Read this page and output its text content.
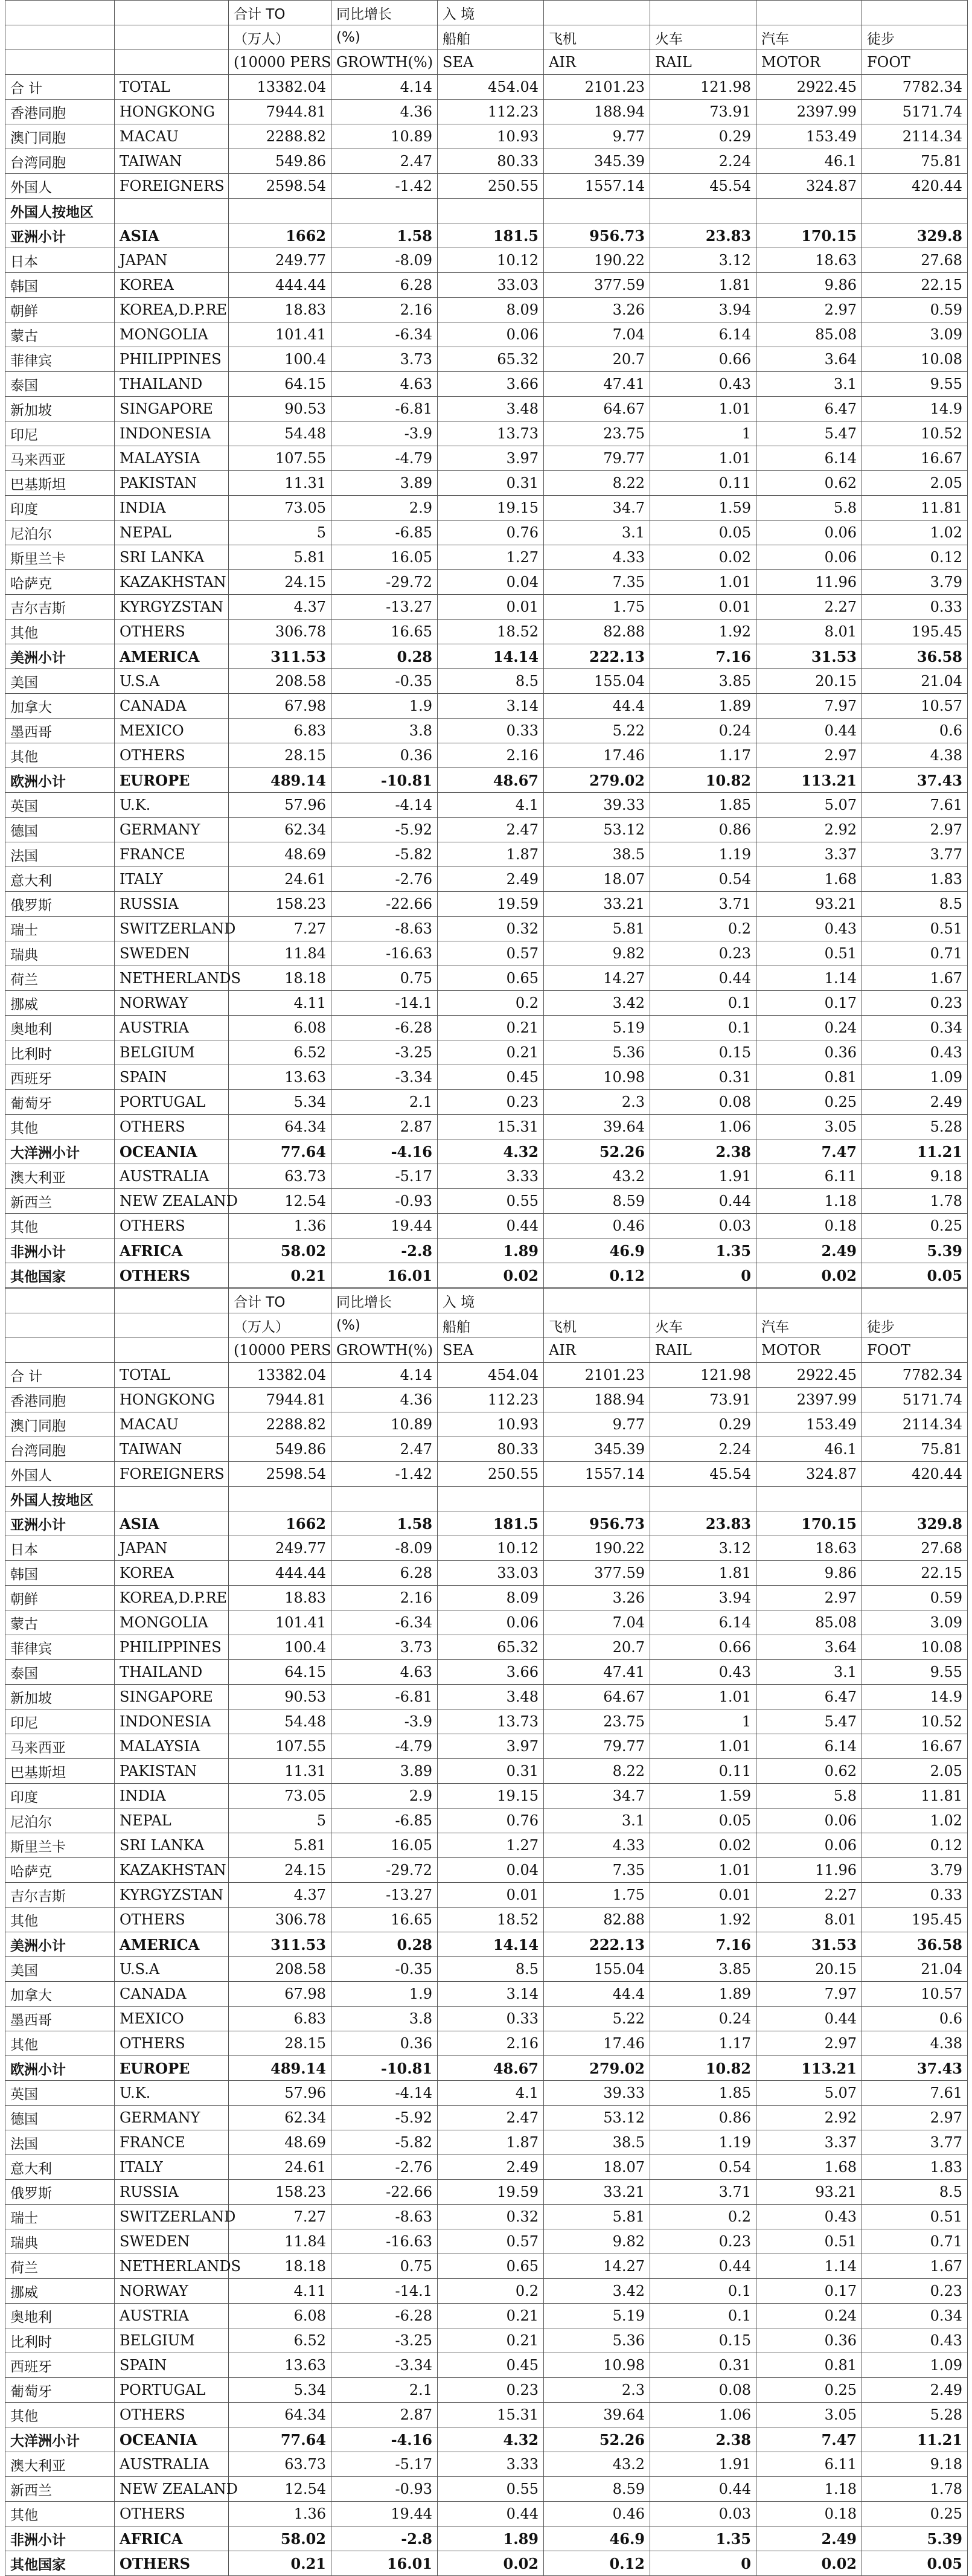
		合计 TO	同比增长	入 境				
		（万人）	(%)	船舶	飞机	火车	汽车	徒步
		(10000 PERS	GROWTH(%)	SEA	AIR	RAIL	MOTOR	FOOT
合 计	TOTAL	13382.04	4.14	454.04	2101.23	121.98	2922.45	7782.34
香港同胞	HONGKONG	7944.81	4.36	112.23	188.94	73.91	2397.99	5171.74
澳门同胞	MACAU	2288.82	10.89	10.93	9.77	0.29	153.49	2114.34
台湾同胞	TAIWAN	549.86	2.47	80.33	345.39	2.24	46.1	75.81
外国人	FOREIGNERS	2598.54	-1.42	250.55	1557.14	45.54	324.87	420.44
外国人按地区								
亚洲小计	ASIA	1662	1.58	181.5	956.73	23.83	170.15	329.8
日本	JAPAN	249.77	-8.09	10.12	190.22	3.12	18.63	27.68
韩国	KOREA	444.44	6.28	33.03	377.59	1.81	9.86	22.15
朝鲜	KOREA,D.P.RE	18.83	2.16	8.09	3.26	3.94	2.97	0.59
蒙古	MONGOLIA	101.41	-6.34	0.06	7.04	6.14	85.08	3.09
菲律宾	PHILIPPINES	100.4	3.73	65.32	20.7	0.66	3.64	10.08
泰国	THAILAND	64.15	4.63	3.66	47.41	0.43	3.1	9.55
新加坡	SINGAPORE	90.53	-6.81	3.48	64.67	1.01	6.47	14.9
印尼	INDONESIA	54.48	-3.9	13.73	23.75	1	5.47	10.52
马来西亚	MALAYSIA	107.55	-4.79	3.97	79.77	1.01	6.14	16.67
巴基斯坦	PAKISTAN	11.31	3.89	0.31	8.22	0.11	0.62	2.05
印度	INDIA	73.05	2.9	19.15	34.7	1.59	5.8	11.81
尼泊尔	NEPAL	5	-6.85	0.76	3.1	0.05	0.06	1.02
斯里兰卡	SRI LANKA	5.81	16.05	1.27	4.33	0.02	0.06	0.12
哈萨克	KAZAKHSTAN	24.15	-29.72	0.04	7.35	1.01	11.96	3.79
吉尔吉斯	KYRGYZSTAN	4.37	-13.27	0.01	1.75	0.01	2.27	0.33
其他	OTHERS	306.78	16.65	18.52	82.88	1.92	8.01	195.45
美洲小计	AMERICA	311.53	0.28	14.14	222.13	7.16	31.53	36.58
美国	U.S.A	208.58	-0.35	8.5	155.04	3.85	20.15	21.04
加拿大	CANADA	67.98	1.9	3.14	44.4	1.89	7.97	10.57
墨西哥	MEXICO	6.83	3.8	0.33	5.22	0.24	0.44	0.6
其他	OTHERS	28.15	0.36	2.16	17.46	1.17	2.97	4.38
欧洲小计	EUROPE	489.14	-10.81	48.67	279.02	10.82	113.21	37.43
英国	U.K.	57.96	-4.14	4.1	39.33	1.85	5.07	7.61
德国	GERMANY	62.34	-5.92	2.47	53.12	0.86	2.92	2.97
法国	FRANCE	48.69	-5.82	1.87	38.5	1.19	3.37	3.77
意大利	ITALY	24.61	-2.76	2.49	18.07	0.54	1.68	1.83
俄罗斯	RUSSIA	158.23	-22.66	19.59	33.21	3.71	93.21	8.5
瑞士	SWITZERLAND	7.27	-8.63	0.32	5.81	0.2	0.43	0.51
瑞典	SWEDEN	11.84	-16.63	0.57	9.82	0.23	0.51	0.71
荷兰	NETHERLANDS	18.18	0.75	0.65	14.27	0.44	1.14	1.67
挪威	NORWAY	4.11	-14.1	0.2	3.42	0.1	0.17	0.23
奥地利	AUSTRIA	6.08	-6.28	0.21	5.19	0.1	0.24	0.34
比利时	BELGIUM	6.52	-3.25	0.21	5.36	0.15	0.36	0.43
西班牙	SPAIN	13.63	-3.34	0.45	10.98	0.31	0.81	1.09
葡萄牙	PORTUGAL	5.34	2.1	0.23	2.3	0.08	0.25	2.49
其他	OTHERS	64.34	2.87	15.31	39.64	1.06	3.05	5.28
大洋洲小计	OCEANIA	77.64	-4.16	4.32	52.26	2.38	7.47	11.21
澳大利亚	AUSTRALIA	63.73	-5.17	3.33	43.2	1.91	6.11	9.18
新西兰	NEW ZEALAND	12.54	-0.93	0.55	8.59	0.44	1.18	1.78
其他	OTHERS	1.36	19.44	0.44	0.46	0.03	0.18	0.25
非洲小计	AFRICA	58.02	-2.8	1.89	46.9	1.35	2.49	5.39
其他国家	OTHERS	0.21	16.01	0.02	0.12	0	0.02	0.05
		合计 TO	同比增长	入 境				
		（万人）	(%)	船舶	飞机	火车	汽车	徒步
		(10000 PERS	GROWTH(%)	SEA	AIR	RAIL	MOTOR	FOOT
合 计	TOTAL	13382.04	4.14	454.04	2101.23	121.98	2922.45	7782.34
香港同胞	HONGKONG	7944.81	4.36	112.23	188.94	73.91	2397.99	5171.74
澳门同胞	MACAU	2288.82	10.89	10.93	9.77	0.29	153.49	2114.34
台湾同胞	TAIWAN	549.86	2.47	80.33	345.39	2.24	46.1	75.81
外国人	FOREIGNERS	2598.54	-1.42	250.55	1557.14	45.54	324.87	420.44
外国人按地区								
亚洲小计	ASIA	1662	1.58	181.5	956.73	23.83	170.15	329.8
日本	JAPAN	249.77	-8.09	10.12	190.22	3.12	18.63	27.68
韩国	KOREA	444.44	6.28	33.03	377.59	1.81	9.86	22.15
朝鲜	KOREA,D.P.RE	18.83	2.16	8.09	3.26	3.94	2.97	0.59
蒙古	MONGOLIA	101.41	-6.34	0.06	7.04	6.14	85.08	3.09
菲律宾	PHILIPPINES	100.4	3.73	65.32	20.7	0.66	3.64	10.08
泰国	THAILAND	64.15	4.63	3.66	47.41	0.43	3.1	9.55
新加坡	SINGAPORE	90.53	-6.81	3.48	64.67	1.01	6.47	14.9
印尼	INDONESIA	54.48	-3.9	13.73	23.75	1	5.47	10.52
马来西亚	MALAYSIA	107.55	-4.79	3.97	79.77	1.01	6.14	16.67
巴基斯坦	PAKISTAN	11.31	3.89	0.31	8.22	0.11	0.62	2.05
印度	INDIA	73.05	2.9	19.15	34.7	1.59	5.8	11.81
尼泊尔	NEPAL	5	-6.85	0.76	3.1	0.05	0.06	1.02
斯里兰卡	SRI LANKA	5.81	16.05	1.27	4.33	0.02	0.06	0.12
哈萨克	KAZAKHSTAN	24.15	-29.72	0.04	7.35	1.01	11.96	3.79
吉尔吉斯	KYRGYZSTAN	4.37	-13.27	0.01	1.75	0.01	2.27	0.33
其他	OTHERS	306.78	16.65	18.52	82.88	1.92	8.01	195.45
美洲小计	AMERICA	311.53	0.28	14.14	222.13	7.16	31.53	36.58
美国	U.S.A	208.58	-0.35	8.5	155.04	3.85	20.15	21.04
加拿大	CANADA	67.98	1.9	3.14	44.4	1.89	7.97	10.57
墨西哥	MEXICO	6.83	3.8	0.33	5.22	0.24	0.44	0.6
其他	OTHERS	28.15	0.36	2.16	17.46	1.17	2.97	4.38
欧洲小计	EUROPE	489.14	-10.81	48.67	279.02	10.82	113.21	37.43
英国	U.K.	57.96	-4.14	4.1	39.33	1.85	5.07	7.61
德国	GERMANY	62.34	-5.92	2.47	53.12	0.86	2.92	2.97
法国	FRANCE	48.69	-5.82	1.87	38.5	1.19	3.37	3.77
意大利	ITALY	24.61	-2.76	2.49	18.07	0.54	1.68	1.83
俄罗斯	RUSSIA	158.23	-22.66	19.59	33.21	3.71	93.21	8.5
瑞士	SWITZERLAND	7.27	-8.63	0.32	5.81	0.2	0.43	0.51
瑞典	SWEDEN	11.84	-16.63	0.57	9.82	0.23	0.51	0.71
荷兰	NETHERLANDS	18.18	0.75	0.65	14.27	0.44	1.14	1.67
挪威	NORWAY	4.11	-14.1	0.2	3.42	0.1	0.17	0.23
奥地利	AUSTRIA	6.08	-6.28	0.21	5.19	0.1	0.24	0.34
比利时	BELGIUM	6.52	-3.25	0.21	5.36	0.15	0.36	0.43
西班牙	SPAIN	13.63	-3.34	0.45	10.98	0.31	0.81	1.09
葡萄牙	PORTUGAL	5.34	2.1	0.23	2.3	0.08	0.25	2.49
其他	OTHERS	64.34	2.87	15.31	39.64	1.06	3.05	5.28
大洋洲小计	OCEANIA	77.64	-4.16	4.32	52.26	2.38	7.47	11.21
澳大利亚	AUSTRALIA	63.73	-5.17	3.33	43.2	1.91	6.11	9.18
新西兰	NEW ZEALAND	12.54	-0.93	0.55	8.59	0.44	1.18	1.78
其他	OTHERS	1.36	19.44	0.44	0.46	0.03	0.18	0.25
非洲小计	AFRICA	58.02	-2.8	1.89	46.9	1.35	2.49	5.39
其他国家	OTHERS	0.21	16.01	0.02	0.12	0	0.02	0.05
